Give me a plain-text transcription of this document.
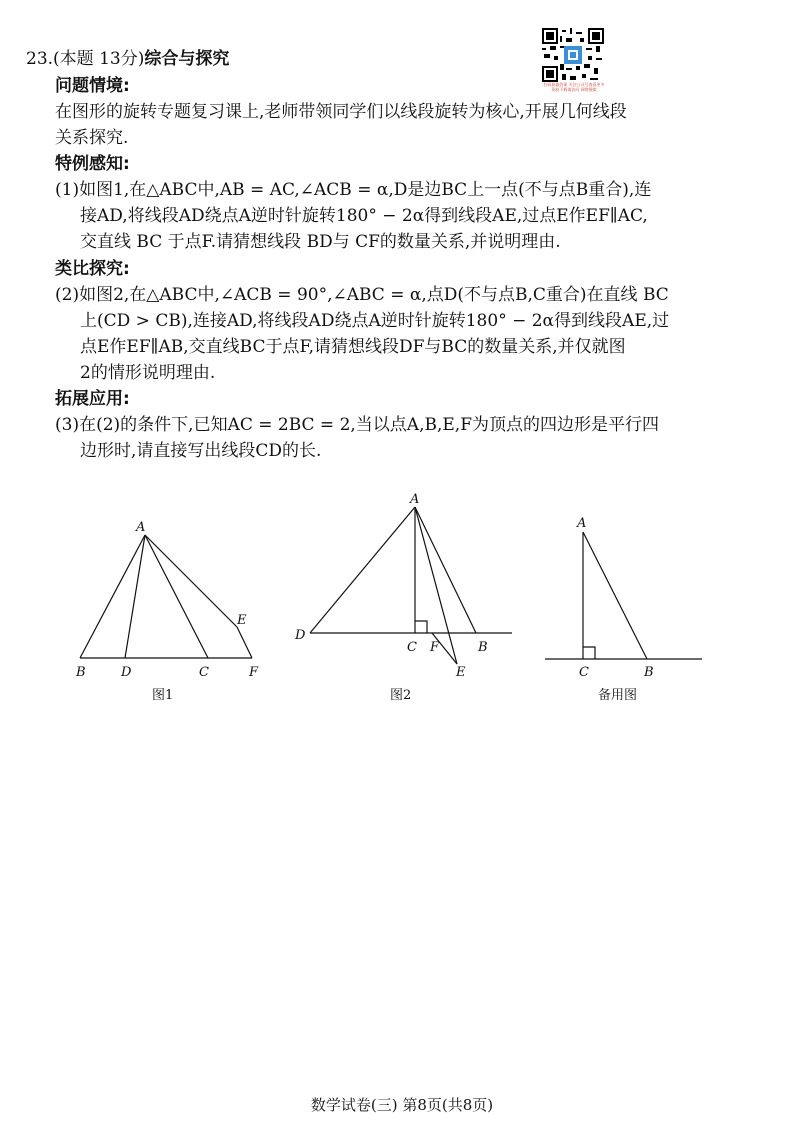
23.(本题 13分)综合与探究
扫码获取答案 关注公众号查看更多 资料下载请访问 网络搜索
问题情境:
在图形的旋转专题复习课上,老师带领同学们以线段旋转为核心,开展几何线段
关系探究.
特例感知:
(1)如图1,在△ABC中,AB = AC,∠ACB = α,D是边BC上一点(不与点B重合),连
接AD,将线段AD绕点A逆时针旋转180° − 2α得到线段AE,过点E作EF∥AC,
交直线 BC 于点F.请猜想线段 BD与 CF的数量关系,并说明理由.
类比探究:
(2)如图2,在△ABC中,∠ACB = 90°,∠ABC = α,点D(不与点B,C重合)在直线 BC
上(CD > CB),连接AD,将线段AD绕点A逆时针旋转180° − 2α得到线段AE,过
点E作EF∥AB,交直线BC于点F,请猜想线段DF与BC的数量关系,并仅就图
2的情形说明理由.
拓展应用:
(3)在(2)的条件下,已知AC = 2BC = 2,当以点A,B,E,F为顶点的四边形是平行四
边形时,请直接写出线段CD的长.
A
B	D	C	F
E
图1
A
D
C F	B
E
图2
A
C	B
备用图
数学试卷(三) 第8页(共8页)
